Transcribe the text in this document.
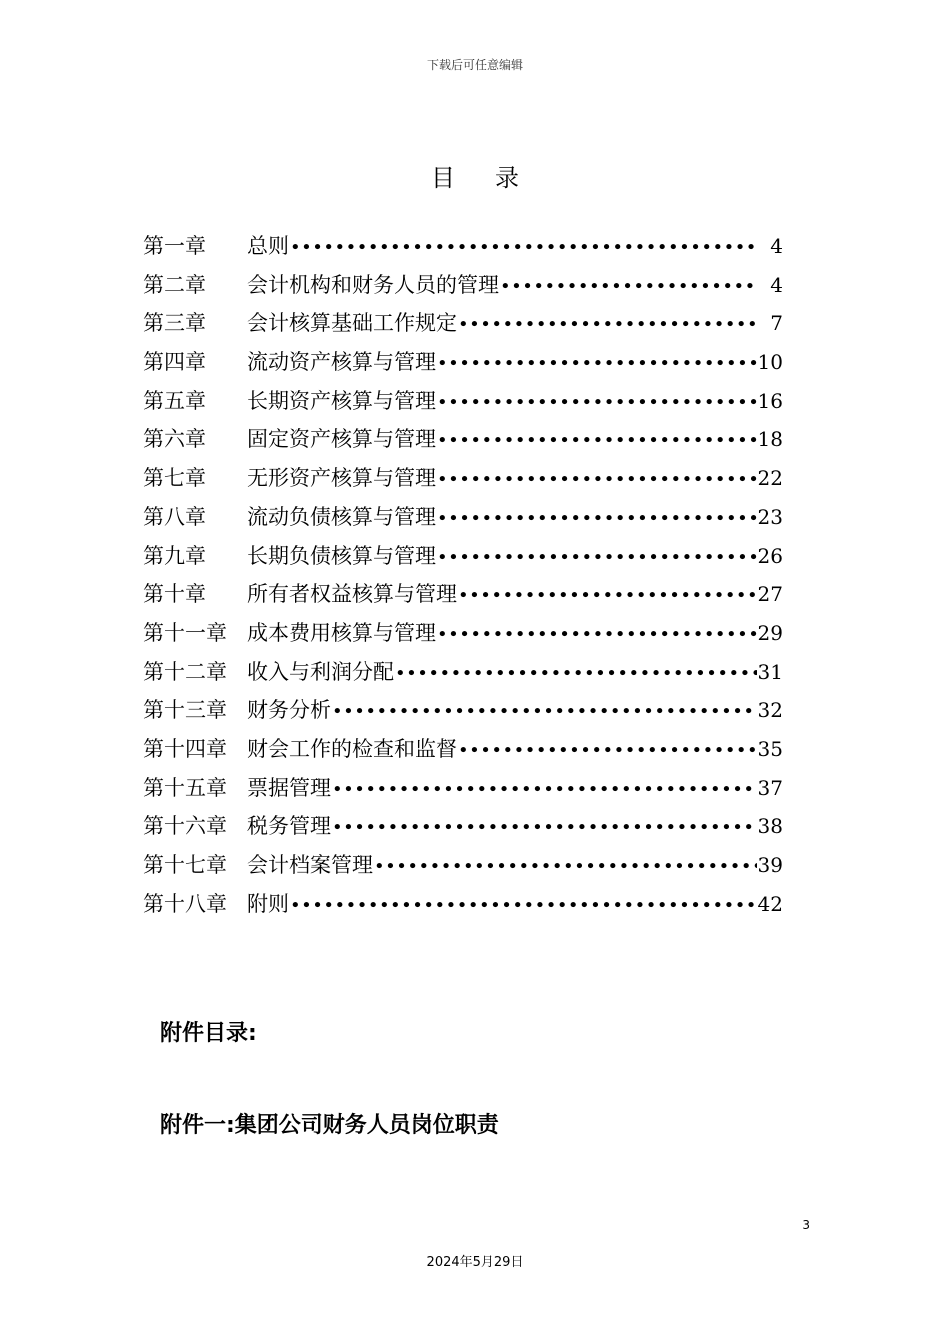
下载后可任意编辑
目录
第一章	总则 •••••	4
第二章	会计机构和财务人员的管理 •••••	4
第三章	会计核算基础工作规定 •••••	7
第四章	流动资产核算与管理 •••••	10
第五章	长期资产核算与管理 •••••	16
第六章	固定资产核算与管理 •••••	18
第七章	无形资产核算与管理 •••••	22
第八章	流动负债核算与管理 •••••	23
第九章	长期负债核算与管理 •••••	26
第十章	所有者权益核算与管理 •••••	27
第十一章 成本费用核算与管理 •••••	29
第十二章 收入与利润分配 •••••	31
第十三章 财务分析 •••••	32
第十四章 财会工作的检查和监督 •••••	35
第十五章 票据管理 •••••	37
第十六章 税务管理 •••••	38
第十七章 会计档案管理 •••••	39
第十八章 附则 •••••	42
附件目录:
附件一:集团公司财务人员岗位职责
3
2024年5月29日
